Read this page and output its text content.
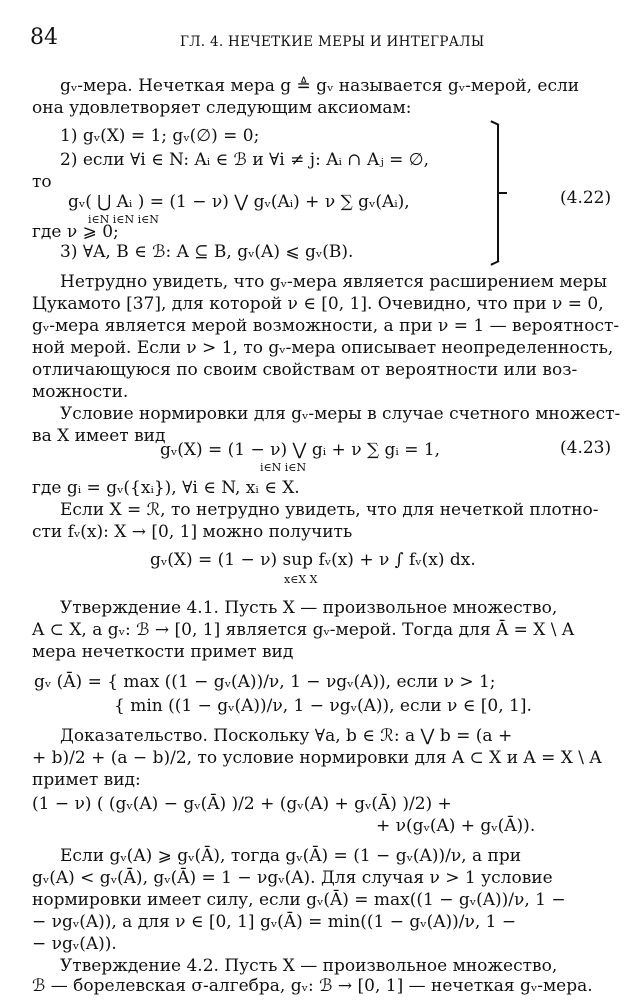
84	ГЛ. 4. НЕЧЕТКИЕ МЕРЫ И ИНТЕГРАЛЫ
gᵥ-мера. Нечеткая мера g ≜ gᵥ называется gᵥ-мерой, если
она удовлетворяет следующим аксиомам:
1) gᵥ(X) = 1; gᵥ(∅) = 0;
2) если ∀i ∈ N: Aᵢ ∈ ℬ и ∀i ≠ j: Aᵢ ∩ Aⱼ = ∅,
то
gᵥ( ⋃ Aᵢ ) = (1 − ν) ⋁ gᵥ(Aᵢ) + ν ∑ gᵥ(Aᵢ),
i∈N i∈N i∈N
где ν ⩾ 0;
3) ∀A, B ∈ ℬ: A ⊆ B, gᵥ(A) ⩽ gᵥ(B).
(4.22)
Нетрудно увидеть, что gᵥ-мера является расширением меры
Цукамото [37], для которой ν ∈ [0, 1]. Очевидно, что при ν = 0,
gᵥ-мера является мерой возможности, а при ν = 1 — вероятност-
ной мерой. Если ν > 1, то gᵥ-мера описывает неопределенность,
отличающуюся по своим свойствам от вероятности или воз-
можности.
Условие нормировки для gᵥ-меры в случае счетного множест-
ва X имеет вид
gᵥ(X) = (1 − ν) ⋁ gᵢ + ν ∑ gᵢ = 1,
i∈N i∈N
(4.23)
где gᵢ = gᵥ({xᵢ}), ∀i ∈ N, xᵢ ∈ X.
Если X = ℛ, то нетрудно увидеть, что для нечеткой плотно-
сти fᵥ(x): X → [0, 1] можно получить
gᵥ(X) = (1 − ν) sup fᵥ(x) + ν ∫ fᵥ(x) dx.
x∈X X
Утверждение 4.1. Пусть X — произвольное множество,
A ⊂ X, а gᵥ: ℬ → [0, 1] является gᵥ-мерой. Тогда для Ā = X \ A
мера нечеткости примет вид
gᵥ (Ā) = { max ((1 − gᵥ(A))/ν, 1 − νgᵥ(A)), если ν > 1;
{ min ((1 − gᵥ(A))/ν, 1 − νgᵥ(A)), если ν ∈ [0, 1].
Доказательство. Поскольку ∀a, b ∈ ℛ: a ⋁ b = (a +
+ b)/2 + (a − b)/2, то условие нормировки для A ⊂ X и A = X \ A
примет вид:
(1 − ν) ( (gᵥ(A) − gᵥ(Ā) )/2 + (gᵥ(A) + gᵥ(Ā) )/2) +
+ ν(gᵥ(A) + gᵥ(Ā)).
Если gᵥ(A) ⩾ gᵥ(Ā), тогда gᵥ(Ā) = (1 − gᵥ(A))/ν, а при
gᵥ(A) < gᵥ(Ā), gᵥ(Ā) = 1 − νgᵥ(A). Для случая ν > 1 условие
нормировки имеет силу, если gᵥ(Ā) = max((1 − gᵥ(A))/ν, 1 −
− νgᵥ(A)), а для ν ∈ [0, 1] gᵥ(Ā) = min((1 − gᵥ(A))/ν, 1 −
− νgᵥ(A)).
Утверждение 4.2. Пусть X — произвольное множество,
ℬ — борелевская σ-алгебра, gᵥ: ℬ → [0, 1] — нечеткая gᵥ-мера.
